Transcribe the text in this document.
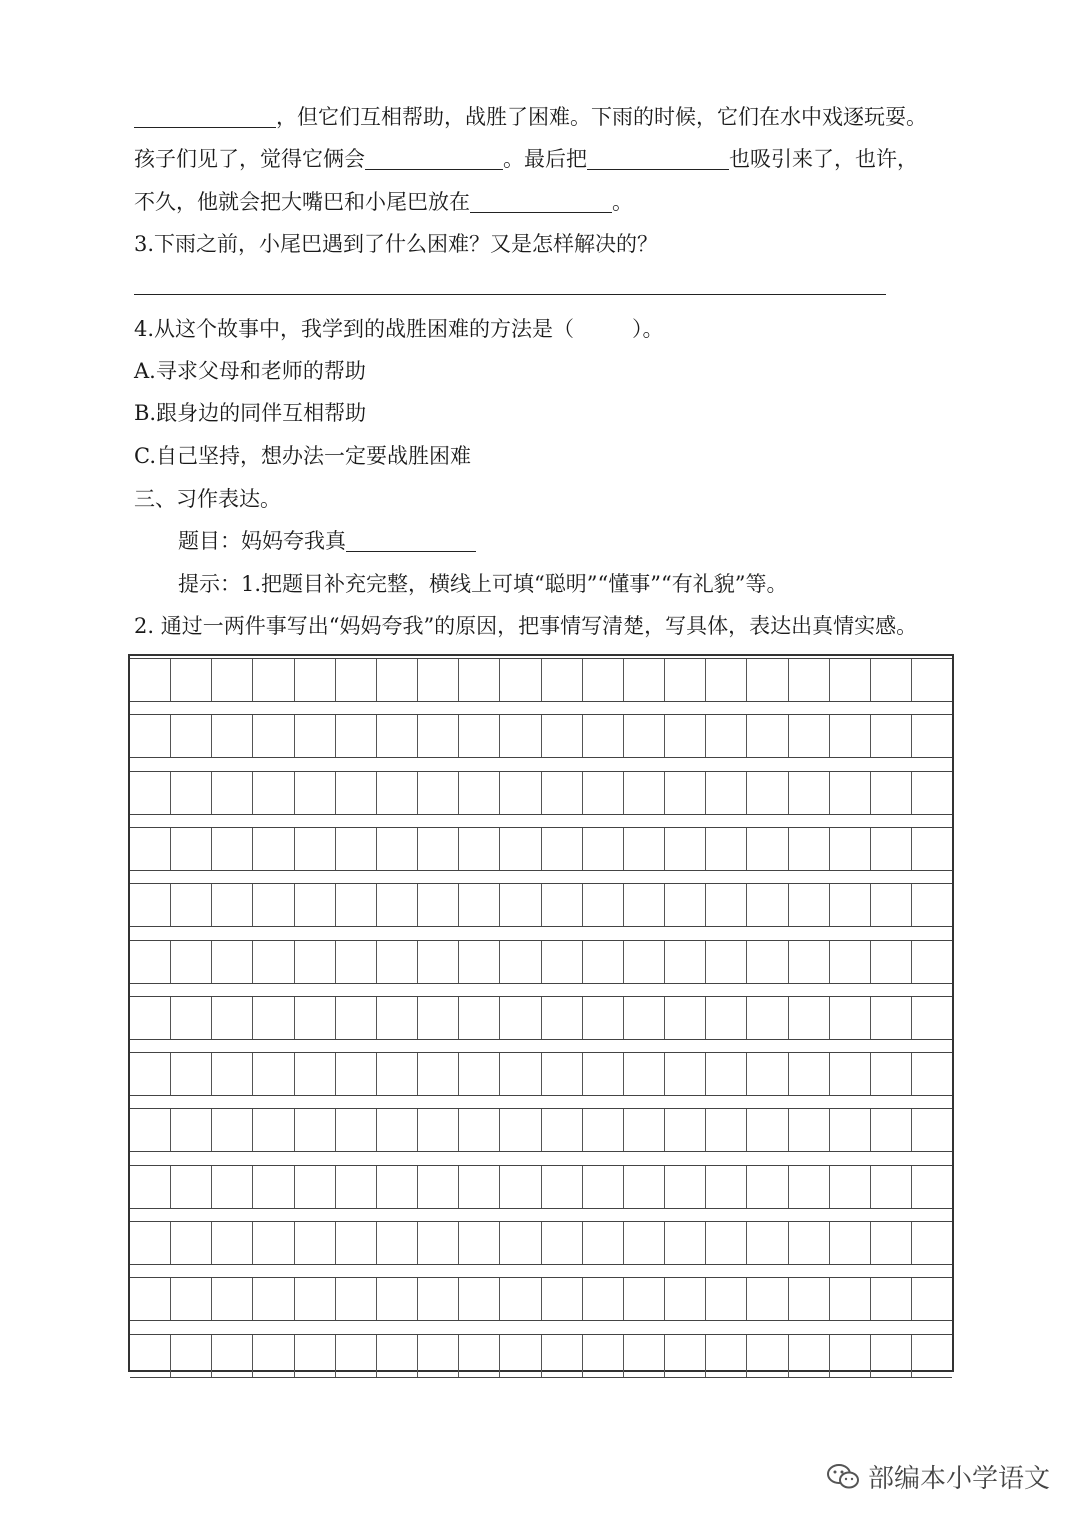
，但它们互相帮助，战胜了困难。下雨的时候，它们在水中戏逐玩耍。
孩子们见了，觉得它俩会	。最后把	也吸引来了，也许，
不久，他就会把大嘴巴和小尾巴放在	。
3.下雨之前，小尾巴遇到了什么困难？又是怎样解决的？
4.从这个故事中，我学到的战胜困难的方法是（	）。
A.寻求父母和老师的帮助
B.跟身边的同伴互相帮助
C.自己坚持，想办法一定要战胜困难
三、习作表达。
题目：妈妈夸我真
提示：1.把题目补充完整，横线上可填“聪明”“懂事”“有礼貌”等。
2. 通过一两件事写出“妈妈夸我”的原因，把事情写清楚，写具体，表达出真情实感。
部编本小学语文
